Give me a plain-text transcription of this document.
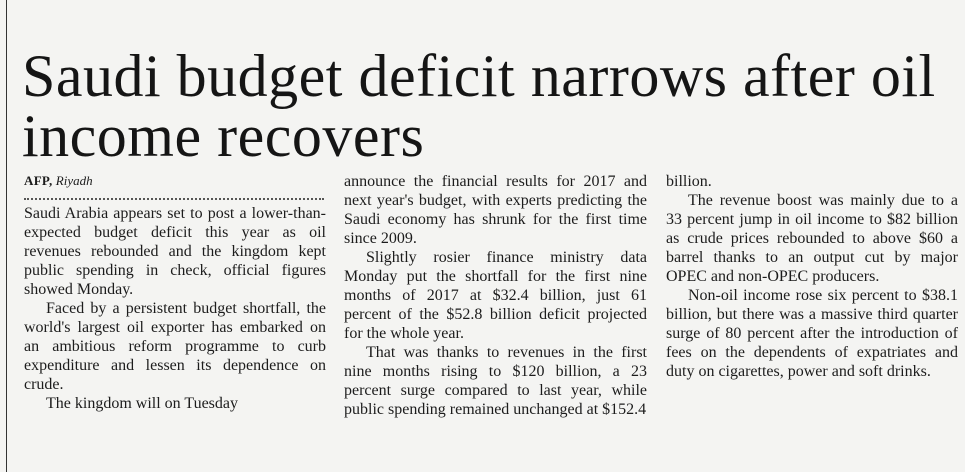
Saudi budget deficit narrows after oil income recovers
AFP, Riyadh

Saudi Arabia appears set to post a lower-than-expected budget deficit this year as oil revenues rebounded and the kingdom kept public spending in check, official figures showed Monday.

Faced by a persistent budget shortfall, the world's largest oil exporter has embarked on an ambitious reform programme to curb expenditure and lessen its dependence on crude.

The kingdom will on Tuesday

announce the financial results for 2017 and next year's budget, with experts predicting the Saudi economy has shrunk for the first time since 2009.

Slightly rosier finance ministry data Monday put the shortfall for the first nine months of 2017 at $32.4 billion, just 61 percent of the $52.8 billion deficit projected for the whole year.

That was thanks to revenues in the first nine months rising to $120 billion, a 23 percent surge compared to last year, while public spending remained unchanged at $152.4

billion.

The revenue boost was mainly due to a 33 percent jump in oil income to $82 billion as crude prices rebounded to above $60 a barrel thanks to an output cut by major OPEC and non-OPEC producers.

Non-oil income rose six percent to $38.1 billion, but there was a massive third quarter surge of 80 percent after the introduction of fees on the dependents of expatriates and duty on cigarettes, power and soft drinks.
